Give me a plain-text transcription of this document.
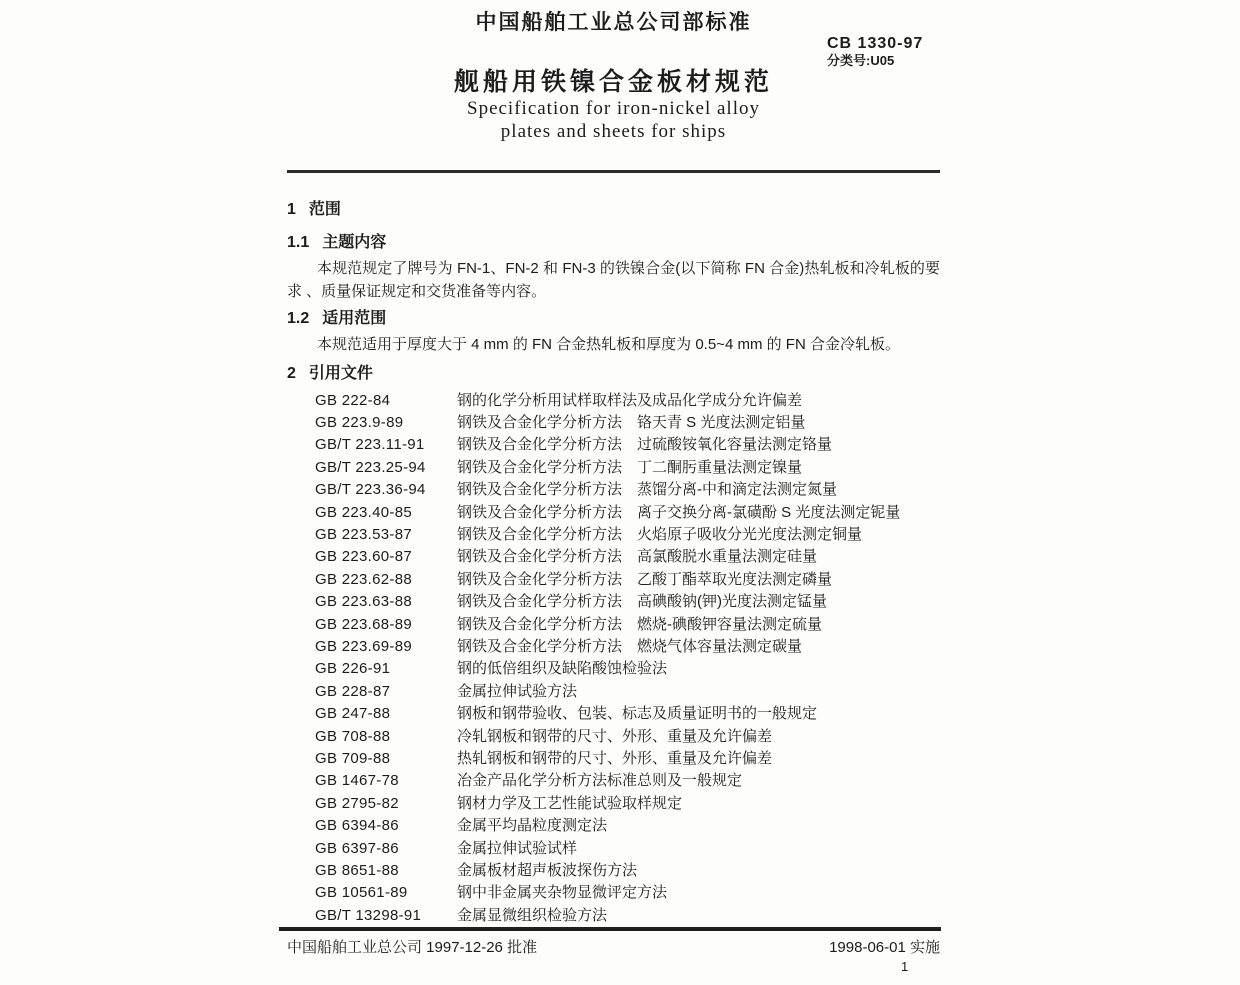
中国船舶工业总公司部标准
CB 1330-97
分类号:U05
舰船用铁镍合金板材规范
Specification for iron-nickel alloy
plates and sheets for ships
1 范围
1.1 主题内容

本规范规定了牌号为 FN-1、FN-2 和 FN-3 的铁镍合金(以下简称 FN 合金)热轧板和冷轧板的要求 、质量保证规定和交货准备等内容。

1.2 适用范围

本规范适用于厚度大于 4 mm 的 FN 合金热轧板和厚度为 0.5~4 mm 的 FN 合金冷轧板。

2 引用文件
GB 222-84	钢的化学分析用试样取样法及成品化学成分允许偏差
GB 223.9-89	钢铁及合金化学分析方法　铬天青 S 光度法测定铝量
GB/T 223.11-91	钢铁及合金化学分析方法　过硫酸铵氧化容量法测定铬量
GB/T 223.25-94	钢铁及合金化学分析方法　丁二酮肟重量法测定镍量
GB/T 223.36-94	钢铁及合金化学分析方法　蒸馏分离-中和滴定法测定氮量
GB 223.40-85	钢铁及合金化学分析方法　离子交换分离-氯磺酚 S 光度法测定铌量
GB 223.53-87	钢铁及合金化学分析方法　火焰原子吸收分光光度法测定铜量
GB 223.60-87	钢铁及合金化学分析方法　高氯酸脱水重量法测定硅量
GB 223.62-88	钢铁及合金化学分析方法　乙酸丁酯萃取光度法测定磷量
GB 223.63-88	钢铁及合金化学分析方法　高碘酸钠(钾)光度法测定锰量
GB 223.68-89	钢铁及合金化学分析方法　燃烧-碘酸钾容量法测定硫量
GB 223.69-89	钢铁及合金化学分析方法　燃烧气体容量法测定碳量
GB 226-91	钢的低倍组织及缺陷酸蚀检验法
GB 228-87	金属拉伸试验方法
GB 247-88	钢板和钢带验收、包装、标志及质量证明书的一般规定
GB 708-88	冷轧钢板和钢带的尺寸、外形、重量及允许偏差
GB 709-88	热轧钢板和钢带的尺寸、外形、重量及允许偏差
GB 1467-78	冶金产品化学分析方法标准总则及一般规定
GB 2795-82	钢材力学及工艺性能试验取样规定
GB 6394-86	金属平均晶粒度测定法
GB 6397-86	金属拉伸试验试样
GB 8651-88	金属板材超声板波探伤方法
GB 10561-89	钢中非金属夹杂物显微评定方法
GB/T 13298-91	金属显微组织检验方法
中国船舶工业总公司 1997-12-26 批准	1998-06-01 实施
1
